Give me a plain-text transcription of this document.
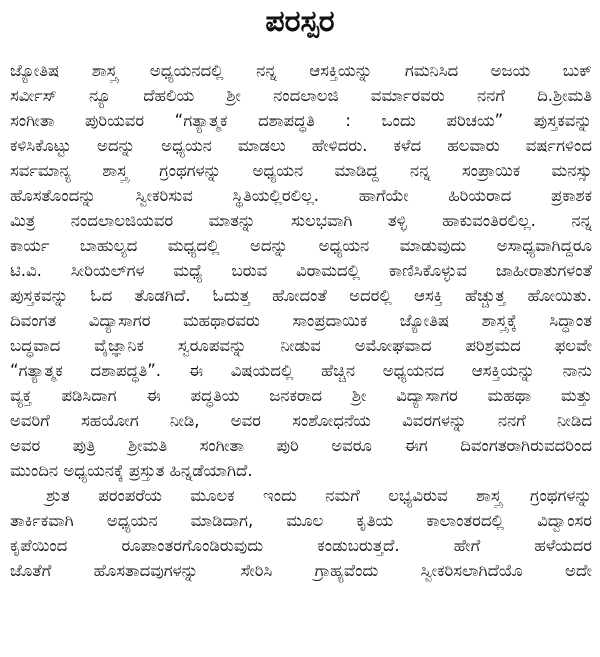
ಪರಸ್ಪರ
ಜ್ಯೋತಿಷ ಶಾಸ್ತ್ರ ಅಧ್ಯಯನದಲ್ಲಿ ನನ್ನ ಆಸಕ್ತಿಯನ್ನು ಗಮನಿಸಿದ ಅಜಯ ಬುಕ್
ಸರ್ವೀಸ್ ನ್ಯೂ ದೆಹಲಿಯ ಶ್ರೀ ನಂದಲಾಲಜಿ ವರ್ಮಾರವರು ನನಗೆ ದಿ.ಶ್ರೀಮತಿ
ಸಂಗೀತಾ ಪುರಿಯವರ “ಗತ್ಯಾತ್ಮಕ ದಶಾಪದ್ಧತಿ : ಒಂದು ಪರಿಚಯ” ಪುಸ್ತಕವನ್ನು
ಕಳಿಸಿಕೊಟ್ಟು ಅದನ್ನು ಅಧ್ಯಯನ ಮಾಡಲು ಹೇಳಿದರು. ಕಳೆದ ಹಲವಾರು ವರ್ಷಗಳಿಂದ
ಸರ್ವಮಾನ್ಯ ಶಾಸ್ತ್ರ ಗ್ರಂಥಗಳನ್ನು ಅಧ್ಯಯನ ಮಾಡಿದ್ದ ನನ್ನ ಸಂಪ್ರಾಯಿಕ ಮನಸ್ಸು
ಹೊಸತೊಂದನ್ನು ಸ್ವೀಕರಿಸುವ ಸ್ಥಿತಿಯಲ್ಲಿರಲಿಲ್ಲ. ಹಾಗೆಯೇ ಹಿರಿಯರಾದ ಪ್ರಕಾಶಕ
ಮಿತ್ರ ನಂದಲಾಲಜಿಯವರ ಮಾತನ್ನು ಸುಲಭವಾಗಿ ತಳ್ಳಿ ಹಾಕುವಂತಿರಲಿಲ್ಲ. ನನ್ನ
ಕಾರ್ಯ ಬಾಹುಲ್ಯದ ಮಧ್ಯದಲ್ಲಿ ಅದನ್ನು ಅಧ್ಯಯನ ಮಾಡುವುದು ಅಸಾಧ್ಯವಾಗಿದ್ದರೂ
ಟಿ.ವಿ. ಸೀರಿಯಲ್‌ಗಳ ಮಧ್ಯೆ ಬರುವ ವಿರಾಮದಲ್ಲಿ ಕಾಣಿಸಿಕೊಳ್ಳುವ ಜಾಹೀರಾತುಗಳಂತೆ
ಪುಸ್ತಕವನ್ನು ಓದ ತೊಡಗಿದೆ. ಓದುತ್ತ ಹೋದಂತೆ ಅದರಲ್ಲಿ ಆಸಕ್ತಿ ಹೆಚ್ಚುತ್ತ ಹೋಯಿತು.
ದಿವಂಗತ ವಿದ್ಯಾಸಾಗರ ಮಹಥಾರವರು ಸಾಂಪ್ರದಾಯಿಕ ಜ್ಯೋತಿಷ ಶಾಸ್ತ್ರಕ್ಕೆ ಸಿದ್ಧಾಂತ
ಬದ್ಧವಾದ ವೈಜ್ಞಾನಿಕ ಸ್ವರೂಪವನ್ನು ನೀಡುವ ಅಮೋಘವಾದ ಪರಿಶ್ರಮದ ಫಲವೇ
“ಗತ್ಯಾತ್ಮಕ ದಶಾಪದ್ಧತಿ”. ಈ ವಿಷಯದಲ್ಲಿ ಹೆಚ್ಚಿನ ಅಧ್ಯಯನದ ಆಸಕ್ತಿಯನ್ನು ನಾನು
ವ್ಯಕ್ತ ಪಡಿಸಿದಾಗ ಈ ಪದ್ಧತಿಯ ಜನಕರಾದ ಶ್ರೀ ವಿದ್ಯಾಸಾಗರ ಮಹಥಾ ಮತ್ತು
ಅವರಿಗೆ ಸಹಯೋಗ ನೀಡಿ, ಅವರ ಸಂಶೋಧನೆಯ ವಿವರಗಳನ್ನು ನನಗೆ ನೀಡಿದ
ಅವರ ಪುತ್ರಿ ಶ್ರೀಮತಿ ಸಂಗೀತಾ ಪುರಿ ಅವರೂ ಈಗ ದಿವಂಗತರಾಗಿರುವದರಿಂದ
ಮುಂದಿನ ಅಧ್ಯಯನಕ್ಕೆ ಪ್ರಸ್ತುತ ಹಿನ್ನಡೆಯಾಗಿದೆ.
ಶ್ರುತ ಪರಂಪರೆಯ ಮೂಲಕ ಇಂದು ನಮಗೆ ಲಭ್ಯವಿರುವ ಶಾಸ್ತ್ರ ಗ್ರಂಥಗಳನ್ನು
ತಾರ್ಕಿಕವಾಗಿ ಅಧ್ಯಯನ ಮಾಡಿದಾಗ, ಮೂಲ ಕೃತಿಯ ಕಾಲಾಂತರದಲ್ಲಿ ವಿದ್ವಾಂಸರ
ಕೃಪೆಯಿಂದ ರೂಪಾಂತರಗೊಂಡಿರುವುದು ಕಂಡುಬರುತ್ತದೆ. ಹೇಗೆ ಹಳೆಯದರ
ಜೊತೆಗೆ ಹೊಸತಾದವುಗಳನ್ನು ಸೇರಿಸಿ ಗ್ರಾಹ್ಯವೆಂದು ಸ್ವೀಕರಿಸಲಾಗಿದೆಯೊ ಅದೇ
